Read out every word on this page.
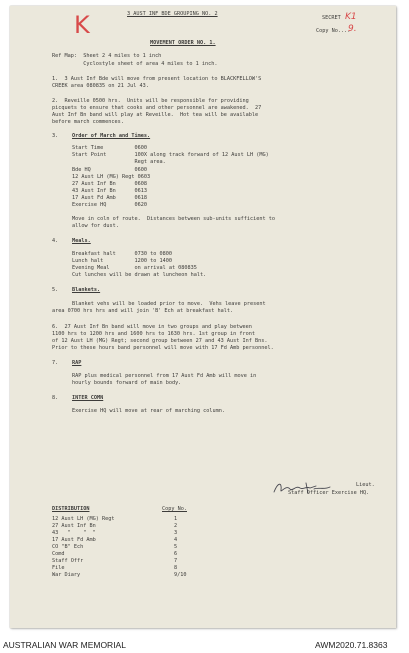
K	K1
9.
3 AUST INF BDE GROUPING NO. 2
SECRET
Copy No....
MOVEMENT ORDER NO. 1.
Ref Map:  Sheet 2 4 miles to 1 inch
Cyclostyle sheet of area 4 miles to 1 inch.
1.  3 Aust Inf Bde will move from present location to BLACKFELLOW'S
CREEK area 080835 on 21 Jul 43.
2.  Reveille 0500 hrs.  Units will be responsible for providing
picquets to ensure that cooks and other personnel are awakened.  27
Aust Inf Bn band will play at Reveille.  Hot tea will be available
before march commences.
3.	Order of March and Times.
Start Time          0600
Start Point         100X along track forward of 12 Aust LH (MG)
Regt area.
Bde HQ              0600
12 Aust LH (MG) Regt 0603
27 Aust Inf Bn      0608
43 Aust Inf Bn      0613
17 Aust Fd Amb      0618
Exercise HQ         0620
Move in coln of route.  Distances between sub-units sufficient to
allow for dust.
4.	Meals.
Breakfast halt      0730 to 0800
Lunch halt          1200 to 1400
Evening Meal        on arrival at 080835
Cut lunches will be drawn at luncheon halt.
5.	Blankets.
Blanket vehs will be loaded prior to move.  Vehs leave present
area 0700 hrs hrs and will join 'B' Ech at breakfast halt.
6.  27 Aust Inf Bn band will move in two groups and play between
1100 hrs to 1200 hrs and 1600 hrs to 1630 hrs. 1st group in front
of 12 Aust LH (MG) Regt; second group between 27 and 43 Aust Inf Bns.
Prior to these hours band personnel will move with 17 Fd Amb personnel.
7.	RAP
RAP plus medical personnel from 17 Aust Fd Amb will move in
hourly bounds forward of main body.
8.	INTER COMN
Exercise HQ will move at rear of marching column.
Lieut.
Staff Officer Exercise HQ.
DISTRIBUTION	Copy No.
12 Aust LH (MG) Regt	1
27 Aust Inf Bn	2
43   "    "  "	3
17 Aust Fd Amb	4
CO "B" Ech	5
Comd	6
Staff Offr	7
File	8
War Diary	9/10
AUSTRALIAN WAR MEMORIAL	AWM2020.71.8363
